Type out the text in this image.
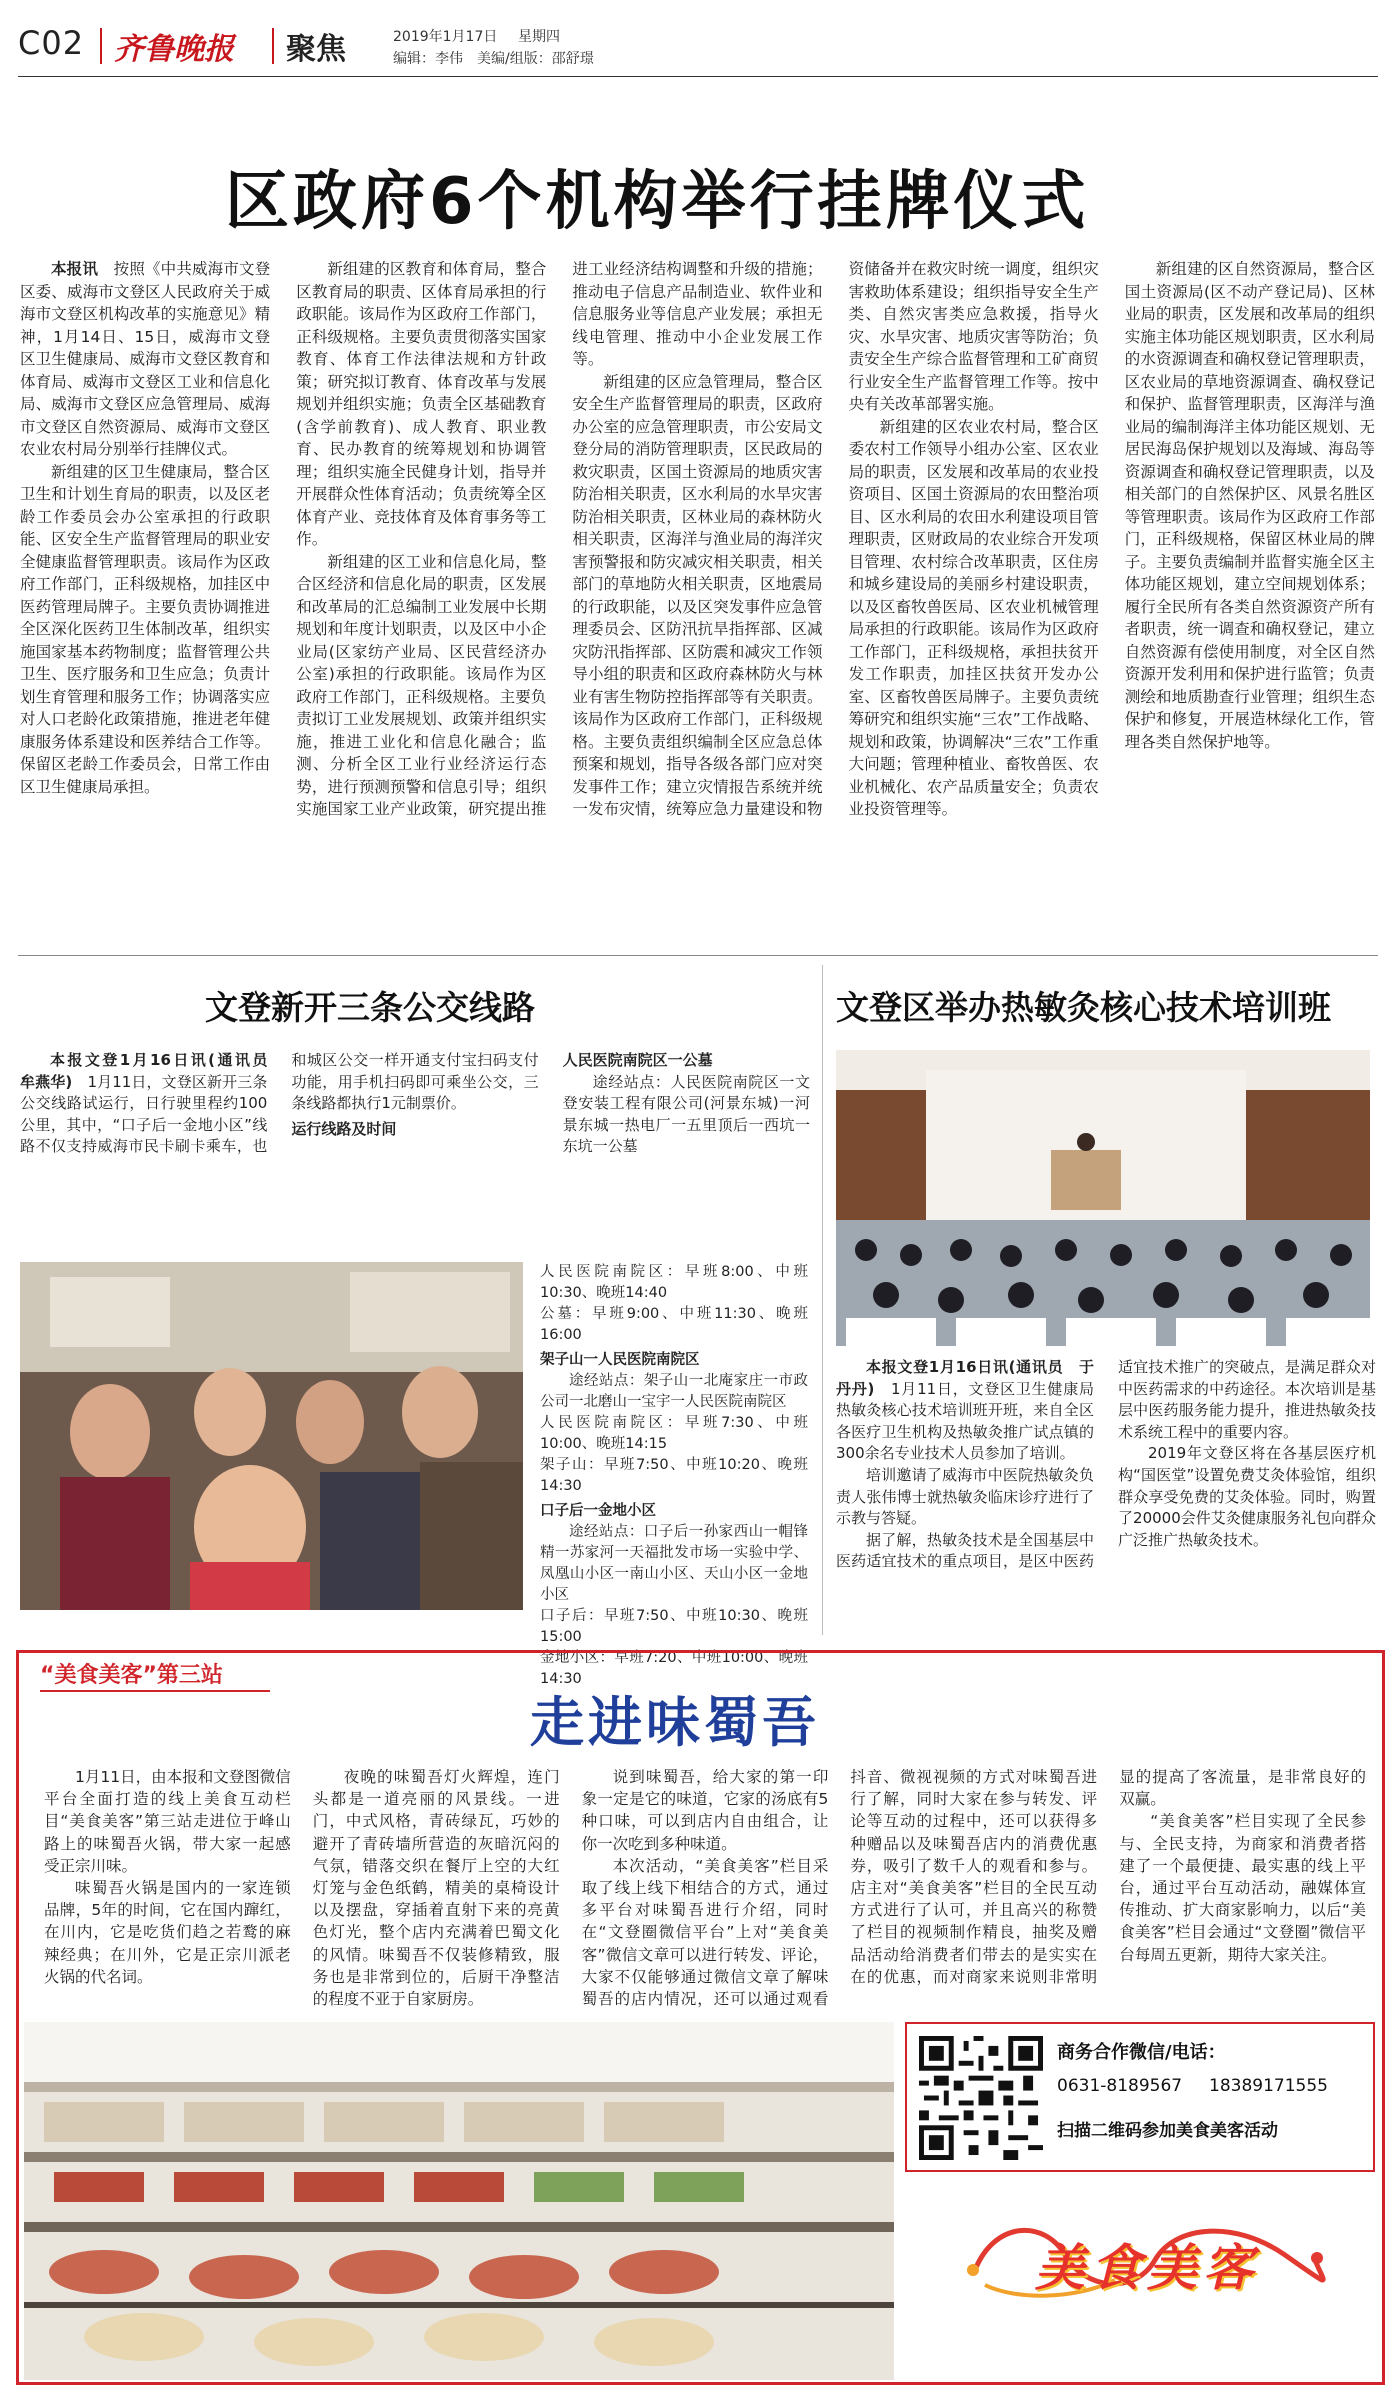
C02 齐鲁晚报 聚焦	2019年1月17日 星期四
编辑：李伟　美编/组版：邵舒璟
区政府6个机构举行挂牌仪式

本报讯　 按照《中共威海市文登区委、威海市文登区人民政府关于威海市文登区机构改革的实施意见》精神，1月14日、15日，威海市文登区卫生健康局、威海市文登区教育和体育局、威海市文登区工业和信息化局、威海市文登区应急管理局、威海市文登区自然资源局、威海市文登区农业农村局分别举行挂牌仪式。

新组建的区卫生健康局，整合区卫生和计划生育局的职责，以及区老龄工作委员会办公室承担的行政职能、区安全生产监督管理局的职业安全健康监督管理职责。该局作为区政府工作部门，正科级规格，加挂区中医药管理局牌子。主要负责协调推进全区深化医药卫生体制改革，组织实施国家基本药物制度；监督管理公共卫生、医疗服务和卫生应急；负责计划生育管理和服务工作；协调落实应对人口老龄化政策措施，推进老年健康服务体系建设和医养结合工作等。保留区老龄工作委员会，日常工作由区卫生健康局承担。

新组建的区教育和体育局，整合区教育局的职责、区体育局承担的行政职能。该局作为区政府工作部门，正科级规格。主要负责贯彻落实国家教育、体育工作法律法规和方针政策；研究拟订教育、体育改革与发展规划并组织实施；负责全区基础教育(含学前教育)、成人教育、职业教育、民办教育的统筹规划和协调管理；组织实施全民健身计划，指导并开展群众性体育活动；负责统筹全区体育产业、竞技体育及体育事务等工作。

新组建的区工业和信息化局，整合区经济和信息化局的职责，区发展和改革局的汇总编制工业发展中长期规划和年度计划职责，以及区中小企业局(区家纺产业局、区民营经济办公室)承担的行政职能。该局作为区政府工作部门，正科级规格。主要负责拟订工业发展规划、政策并组织实施，推进工业化和信息化融合；监测、分析全区工业行业经济运行态势，进行预测预警和信息引导；组织实施国家工业产业政策，研究提出推进工业经济结构调整和升级的措施；推动电子信息产品制造业、软件业和信息服务业等信息产业发展；承担无线电管理、推动中小企业发展工作等。

新组建的区应急管理局，整合区安全生产监督管理局的职责，区政府办公室的应急管理职责，市公安局文登分局的消防管理职责，区民政局的救灾职责，区国土资源局的地质灾害防治相关职责，区水利局的水旱灾害防治相关职责，区林业局的森林防火相关职责，区海洋与渔业局的海洋灾害预警报和防灾减灾相关职责，相关部门的草地防火相关职责，区地震局的行政职能，以及区突发事件应急管理委员会、区防汛抗旱指挥部、区减灾防汛指挥部、区防震和减灾工作领导小组的职责和区政府森林防火与林业有害生物防控指挥部等有关职责。该局作为区政府工作部门，正科级规格。主要负责组织编制全区应急总体预案和规划，指导各级各部门应对突发事件工作；建立灾情报告系统并统一发布灾情，统筹应急力量建设和物资储备并在救灾时统一调度，组织灾害救助体系建设；组织指导安全生产类、自然灾害类应急救援，指导火灾、水旱灾害、地质灾害等防治；负责安全生产综合监督管理和工矿商贸行业安全生产监督管理工作等。按中央有关改革部署实施。

新组建的区农业农村局，整合区委农村工作领导小组办公室、区农业局的职责，区发展和改革局的农业投资项目、区国土资源局的农田整治项目、区水利局的农田水利建设项目管理职责，区财政局的农业综合开发项目管理、农村综合改革职责，区住房和城乡建设局的美丽乡村建设职责，以及区畜牧兽医局、区农业机械管理局承担的行政职能。该局作为区政府工作部门，正科级规格，承担扶贫开发工作职责，加挂区扶贫开发办公室、区畜牧兽医局牌子。主要负责统筹研究和组织实施“三农”工作战略、规划和政策，协调解决“三农”工作重大问题；管理种植业、畜牧兽医、农业机械化、农产品质量安全；负责农业投资管理等。

新组建的区自然资源局，整合区国土资源局(区不动产登记局)、区林业局的职责，区发展和改革局的组织实施主体功能区规划职责，区水利局的水资源调查和确权登记管理职责，区农业局的草地资源调查、确权登记和保护、监督管理职责，区海洋与渔业局的编制海洋主体功能区规划、无居民海岛保护规划以及海域、海岛等资源调查和确权登记管理职责，以及相关部门的自然保护区、风景名胜区等管理职责。该局作为区政府工作部门，正科级规格，保留区林业局的牌子。主要负责编制并监督实施全区主体功能区规划，建立空间规划体系；履行全民所有各类自然资源资产所有者职责，统一调查和确权登记，建立自然资源有偿使用制度，对全区自然资源开发利用和保护进行监管；负责测绘和地质勘查行业管理；组织生态保护和修复，开展造林绿化工作，管理各类自然保护地等。

文登新开三条公交线路

本报文登1月16日讯(通讯员　牟燕华)　 1月11日，文登区新开三条公交线路试运行，日行驶里程约100公里，其中，“口子后一金地小区”线路不仅支持威海市民卡刷卡乘车，也和城区公交一样开通支付宝扫码支付功能，用手机扫码即可乘坐公交，三条线路都执行1元制票价。

运行线路及时间

人民医院南院区一公墓

途经站点：人民医院南院区一文登安装工程有限公司(河景东城)一河景东城一热电厂一五里顶后一西坑一东坑一公墓

人民医院南院区：早班8:00、中班10:30、晚班14:40

公墓：早班9:00、中班11:30、晚班16:00

架子山一人民医院南院区

途经站点：架子山一北庵家庄一市政公司一北磨山一宝宇一人民医院南院区

人民医院南院区：早班7:30、中班10:00、晚班14:15

架子山：早班7:50、中班10:20、晚班14:30

口子后一金地小区

途经站点：口子后一孙家西山一帽锋精一苏家河一天福批发市场一实验中学、凤凰山小区一南山小区、天山小区一金地小区

口子后：早班7:50、中班10:30、晚班15:00

金地小区：早班7:20、中班10:00、晚班14:30

文登区举办热敏灸核心技术培训班

本报文登1月16日讯(通讯员　于丹丹)　 1月11日，文登区卫生健康局热敏灸核心技术培训班开班，来自全区各医疗卫生机构及热敏灸推广试点镇的300余名专业技术人员参加了培训。

培训邀请了威海市中医院热敏灸负责人张伟博士就热敏灸临床诊疗进行了示教与答疑。

据了解，热敏灸技术是全国基层中医药适宜技术的重点项目，是区中医药适宜技术推广的突破点，是满足群众对中医药需求的中药途径。本次培训是基层中医药服务能力提升，推进热敏灸技术系统工程中的重要内容。

2019年文登区将在各基层医疗机构“国医堂”设置免费艾灸体验馆，组织群众享受免费的艾灸体验。同时，购置了20000会件艾灸健康服务礼包向群众广泛推广热敏灸技术。

“美食美客”第三站
走进味蜀吾

1月11日，由本报和文登图微信平台全面打造的线上美食互动栏目“美食美客”第三站走进位于峰山路上的味蜀吾火锅，带大家一起感受正宗川味。

味蜀吾火锅是国内的一家连锁品牌，5年的时间，它在国内蹿红，在川内，它是吃货们趋之若鹜的麻辣经典；在川外，它是正宗川派老火锅的代名词。

夜晚的味蜀吾灯火辉煌，连门头都是一道亮丽的风景线。一进门，中式风格，青砖绿瓦，巧妙的避开了青砖墙所营造的灰暗沉闷的气氛，错落交织在餐厅上空的大红灯笼与金色纸鹤，精美的桌椅设计以及摆盘，穿插着直射下来的亮黄色灯光，整个店内充满着巴蜀文化的风情。味蜀吾不仅装修精致，服务也是非常到位的，后厨干净整洁的程度不亚于自家厨房。

说到味蜀吾，给大家的第一印象一定是它的味道，它家的汤底有5种口味，可以到店内自由组合，让你一次吃到多种味道。

本次活动，“美食美客”栏目采取了线上线下相结合的方式，通过多平台对味蜀吾进行介绍，同时在“文登圈微信平台”上对“美食美客”微信文章可以进行转发、评论，大家不仅能够通过微信文章了解味蜀吾的店内情况，还可以通过观看抖音、微视视频的方式对味蜀吾进行了解，同时大家在参与转发、评论等互动的过程中，还可以获得多种赠品以及味蜀吾店内的消费优惠券，吸引了数千人的观看和参与。店主对“美食美客”栏目的全民互动方式进行了认可，并且高兴的称赞了栏目的视频制作精良，抽奖及赠品活动给消费者们带去的是实实在在的优惠，而对商家来说则非常明显的提高了客流量，是非常良好的双赢。

“美食美客”栏目实现了全民参与、全民支持，为商家和消费者搭建了一个最便捷、最实惠的线上平台，通过平台互动活动，融媒体宣传推动、扩大商家影响力，以后“美食美客”栏目会通过“文登圈”微信平台每周五更新，期待大家关注。

商务合作微信/电话：
0631-8189567 18389171555
扫描二维码参加美食美客活动
美食美客
